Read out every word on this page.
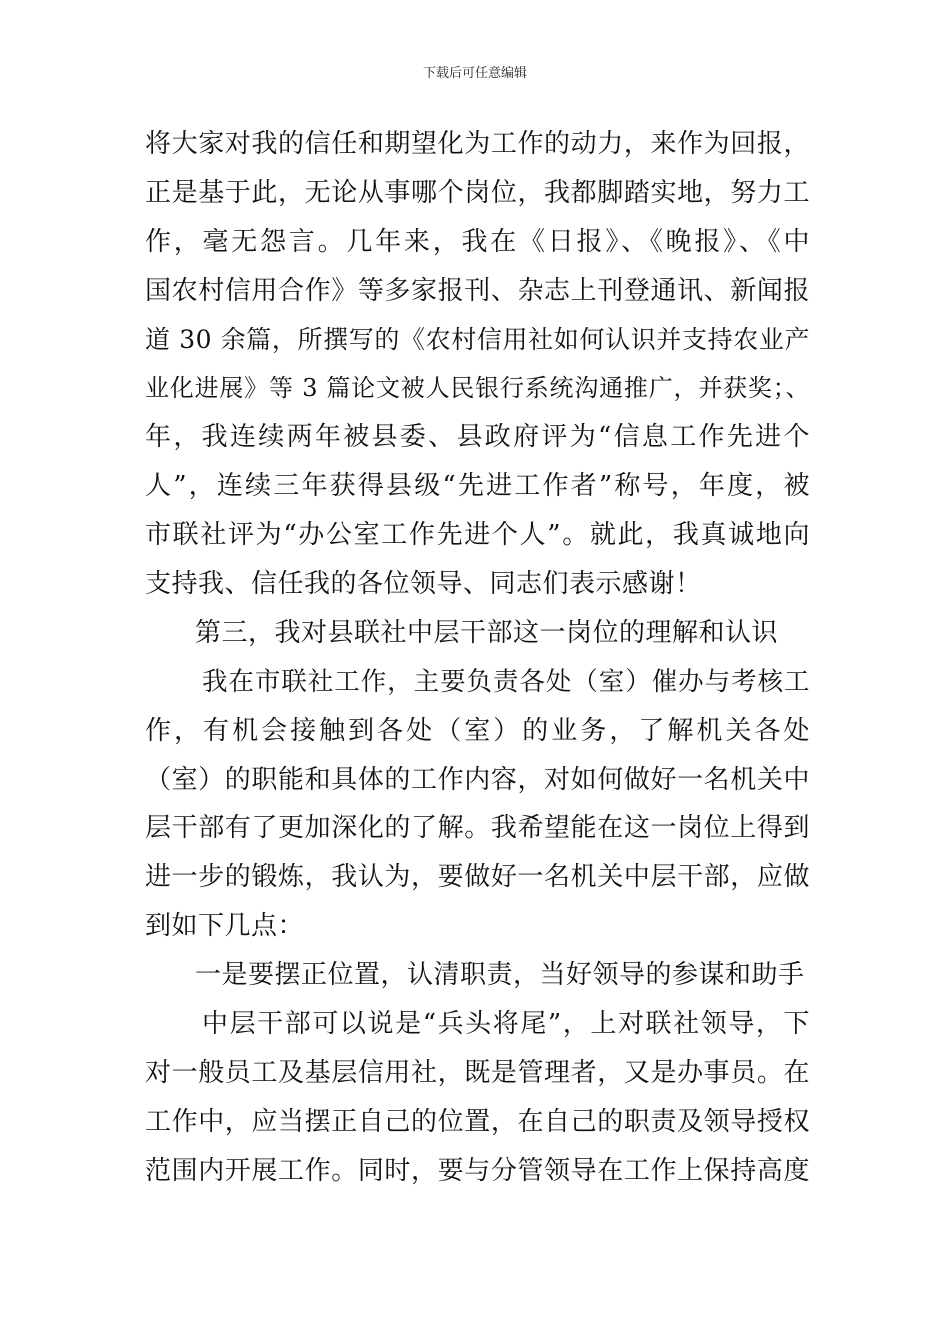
下载后可任意编辑
将大家对我的信任和期望化为工作的动力，来作为回报，
正是基于此，无论从事哪个岗位，我都脚踏实地，努力工
作，毫无怨言。几年来，我在《日报》、《晚报》、《中
国农村信用合作》等多家报刊、杂志上刊登通讯、新闻报
道 30 余篇，所撰写的《农村信用社如何认识并支持农业产
业化进展》等 3 篇论文被人民银行系统沟通推广，并获奖；、
年，我连续两年被县委、县政府评为“信息工作先进个
人”，连续三年获得县级“先进工作者”称号，年度，被
市联社评为“办公室工作先进个人”。就此，我真诚地向
支持我、信任我的各位领导、同志们表示感谢！
第三，我对县联社中层干部这一岗位的理解和认识
我在市联社工作，主要负责各处（室）催办与考核工
作，有机会接触到各处（室）的业务，了解机关各处
（室）的职能和具体的工作内容，对如何做好一名机关中
层干部有了更加深化的了解。我希望能在这一岗位上得到
进一步的锻炼，我认为，要做好一名机关中层干部，应做
到如下几点：
一是要摆正位置，认清职责，当好领导的参谋和助手
中层干部可以说是“兵头将尾”，上对联社领导，下
对一般员工及基层信用社，既是管理者，又是办事员。在
工作中，应当摆正自己的位置，在自己的职责及领导授权
范围内开展工作。同时，要与分管领导在工作上保持高度
